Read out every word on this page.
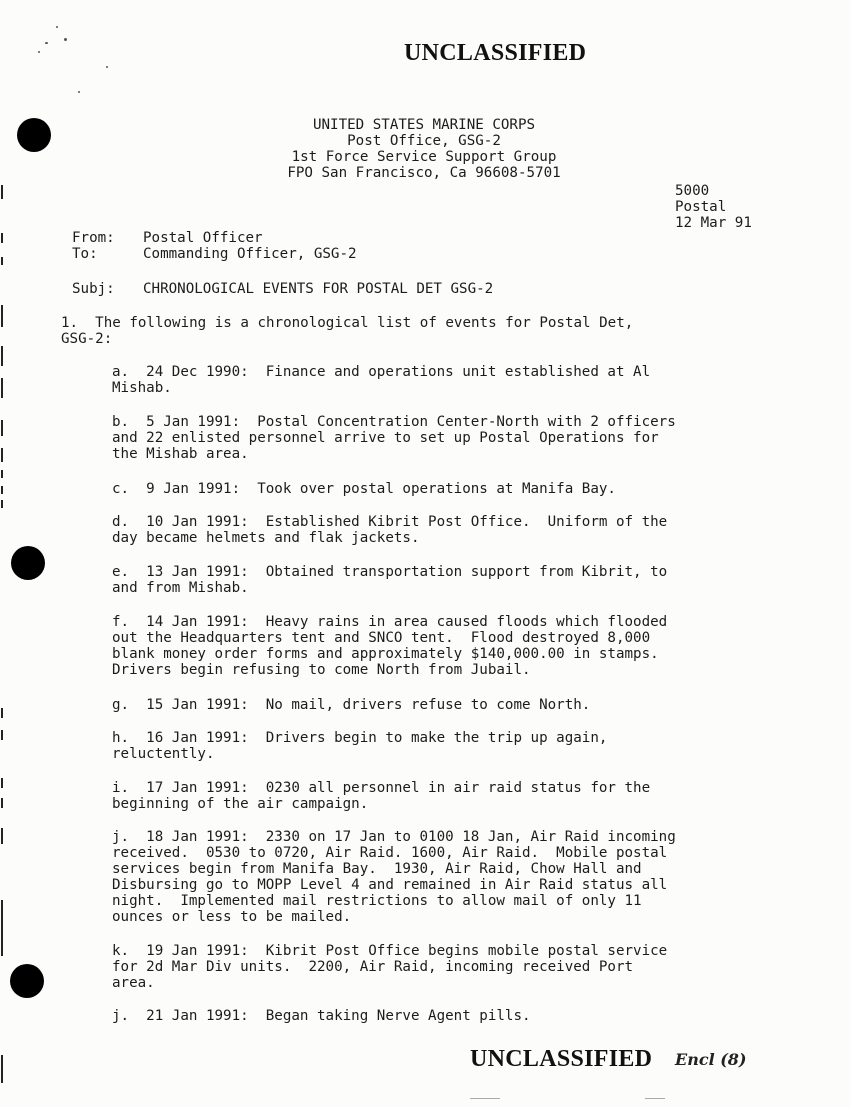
UNCLASSIFIED
UNITED STATES MARINE CORPS
Post Office, GSG-2
1st Force Service Support Group
FPO San Francisco, Ca 96608-5701
5000
Postal
12 Mar 91
From: Postal Officer
To:	Commanding Officer, GSG-2
Subj: CHRONOLOGICAL EVENTS FOR POSTAL DET GSG-2
1.  The following is a chronological list of events for Postal Det,
GSG-2:
a.  24 Dec 1990:  Finance and operations unit established at Al
Mishab.
b.  5 Jan 1991:  Postal Concentration Center-North with 2 officers
and 22 enlisted personnel arrive to set up Postal Operations for
the Mishab area.
c.  9 Jan 1991:  Took over postal operations at Manifa Bay.
d.  10 Jan 1991:  Established Kibrit Post Office.  Uniform of the
day became helmets and flak jackets.
e.  13 Jan 1991:  Obtained transportation support from Kibrit, to
and from Mishab.
f.  14 Jan 1991:  Heavy rains in area caused floods which flooded
out the Headquarters tent and SNCO tent.  Flood destroyed 8,000
blank money order forms and approximately $140,000.00 in stamps.
Drivers begin refusing to come North from Jubail.
g.  15 Jan 1991:  No mail, drivers refuse to come North.
h.  16 Jan 1991:  Drivers begin to make the trip up again,
reluctently.
i.  17 Jan 1991:  0230 all personnel in air raid status for the
beginning of the air campaign.
j.  18 Jan 1991:  2330 on 17 Jan to 0100 18 Jan, Air Raid incoming
received.  0530 to 0720, Air Raid. 1600, Air Raid.  Mobile postal
services begin from Manifa Bay.  1930, Air Raid, Chow Hall and
Disbursing go to MOPP Level 4 and remained in Air Raid status all
night.  Implemented mail restrictions to allow mail of only 11
ounces or less to be mailed.
k.  19 Jan 1991:  Kibrit Post Office begins mobile postal service
for 2d Mar Div units.  2200, Air Raid, incoming received Port
area.
j.  21 Jan 1991:  Began taking Nerve Agent pills.
UNCLASSIFIED Encl (8)
